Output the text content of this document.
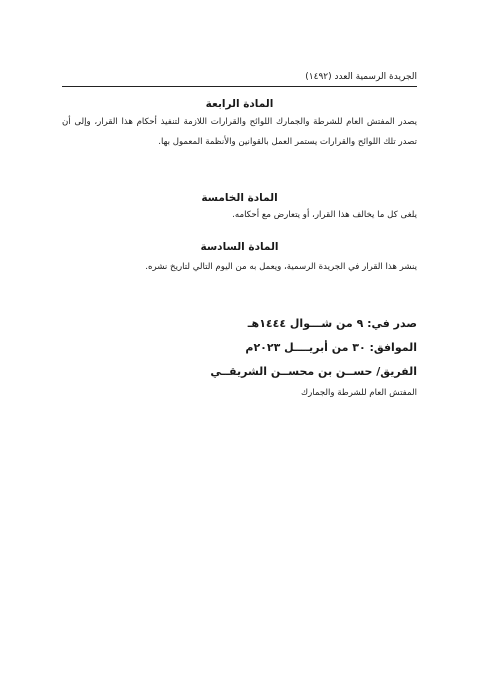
الجريدة الرسمية العدد (١٤٩٢)
المادة الرابعة
يصدر المفتش العام للشرطة والجمارك اللوائح والقرارات اللازمة لتنفيذ أحكام هذا القرار، وإلى أن تصدر تلك اللوائح والقرارات يستمر العمل بالقوانين والأنظمة المعمول بها.
المادة الخامسة
يلغى كل ما يخالف هذا القرار، أو يتعارض مع أحكامه.
المادة السادسة
ينشر هذا القرار في الجريدة الرسمية، ويعمل به من اليوم التالي لتاريخ نشره.
صدر في: ٩ من شـــوال ١٤٤٤هـ
الموافق: ٣٠ من أبريــــل ٢٠٢٣م
الفريق/ حســن بن محســن الشريقــي
المفتش العام للشرطة والجمارك
